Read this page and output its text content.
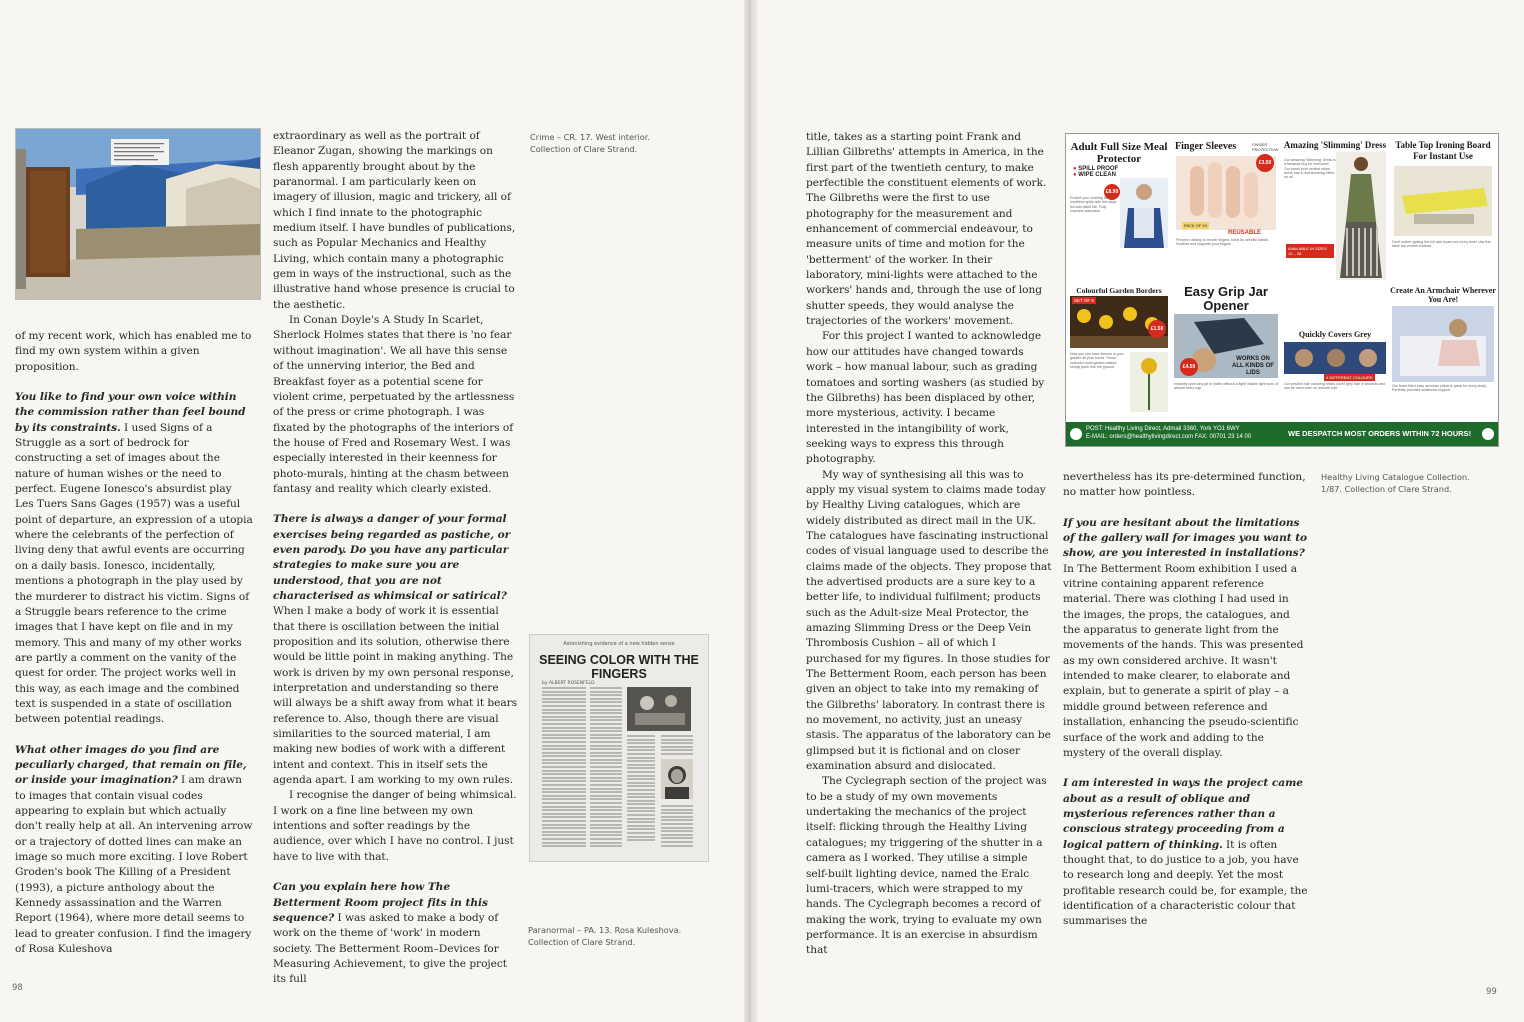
of my recent work, which has enabled me to find my own system within a given proposition.

You like to find your own voice within the commission rather than feel bound by its constraints. I used Signs of a Struggle as a sort of bedrock for constructing a set of images about the nature of human wishes or the need to perfect. Eugene Ionesco's absurdist play Les Tuers Sans Gages (1957) was a useful point of departure, an expression of a utopia where the celebrants of the perfection of living deny that awful events are occurring on a daily basis. Ionesco, incidentally, mentions a photograph in the play used by the murderer to distract his victim. Signs of a Struggle bears reference to the crime images that I have kept on file and in my memory. This and many of my other works are partly a comment on the vanity of the quest for order. The project works well in this way, as each image and the combined text is suspended in a state of oscillation between potential readings.

What other images do you find are peculiarly charged, that remain on file, or inside your imagination? I am drawn to images that contain visual codes appearing to explain but which actually don't really help at all. An intervening arrow or a trajectory of dotted lines can make an image so much more exciting. I love Robert Groden's book The Killing of a President (1993), a picture anthology about the Kennedy assassination and the Warren Report (1964), where more detail seems to lead to greater confusion. I find the imagery of Rosa Kuleshova

extraordinary as well as the portrait of Eleanor Zugan, showing the markings on flesh apparently brought about by the paranormal. I am particularly keen on imagery of illusion, magic and trickery, all of which I find innate to the photographic medium itself. I have bundles of publications, such as Popular Mechanics and Healthy Living, which contain many a photographic gem in ways of the instructional, such as the illustrative hand whose presence is crucial to the aesthetic.

In Conan Doyle's A Study In Scarlet, Sherlock Holmes states that there is 'no fear without imagination'. We all have this sense of the unnerving interior, the Bed and Breakfast foyer as a potential scene for violent crime, perpetuated by the artlessness of the press or crime photograph. I was fixated by the photographs of the interiors of the house of Fred and Rosemary West. I was especially interested in their keenness for photo-murals, hinting at the chasm between fantasy and reality which clearly existed.

There is always a danger of your formal exercises being regarded as pastiche, or even parody. Do you have any particular strategies to make sure you are understood, that you are not characterised as whimsical or satirical? When I make a body of work it is essential that there is oscillation between the initial proposition and its solution, otherwise there would be little point in making anything. The work is driven by my own personal response, interpretation and understanding so there will always be a shift away from what it bears reference to. Also, though there are visual similarities to the sourced material, I am making new bodies of work with a different intent and context. This in itself sets the agenda apart. I am working to my own rules.

I recognise the danger of being whimsical. I work on a fine line between my own intentions and softer readings by the audience, over which I have no control. I just have to live with that.

Can you explain here how The Betterment Room project fits in this sequence? I was asked to make a body of work on the theme of 'work' in modern society. The Betterment Room–Devices for Measuring Achievement, to give the project its full

Crime – CR. 17. West interior. Collection of Clare Strand.
Astonishing evidence of a new hidden sense
SEEING COLOR WITH THE FINGERS
by ALBERT ROSENFELD
Paranormal – PA. 13. Rosa Kuleshova. Collection of Clare Strand.
98

title, takes as a starting point Frank and Lillian Gilbreths' attempts in America, in the first part of the twentieth century, to make perfectible the constituent elements of work. The Gilbreths were the first to use photography for the measurement and enhancement of commercial endeavour, to measure units of time and motion for the 'betterment' of the worker. In their laboratory, mini-lights were attached to the workers' hands and, through the use of long shutter speeds, they would analyse the trajectories of the workers' movement.

For this project I wanted to acknowledge how our attitudes have changed towards work – how manual labour, such as grading tomatoes and sorting washers (as studied by the Gilbreths) has been displaced by other, more mysterious, activity. I became interested in the intangibility of work, seeking ways to express this through photography.

My way of synthesising all this was to apply my visual system to claims made today by Healthy Living catalogues, which are widely distributed as direct mail in the UK. The catalogues have fascinating instructional codes of visual language used to describe the claims made of the objects. They propose that the advertised products are a sure key to a better life, to individual fulfilment; products such as the Adult-size Meal Protector, the amazing Slimming Dress or the Deep Vein Thrombosis Cushion – all of which I purchased for my figures. In those studies for The Betterment Room, each person has been given an object to take into my remaking of the Gilbreths' laboratory. In contrast there is no movement, no activity, just an uneasy stasis. The apparatus of the laboratory can be glimpsed but it is fictional and on closer examination absurd and dislocated.

The Cyclegraph section of the project was to be a study of my own movements undertaking the mechanics of the project itself: flicking through the Healthy Living catalogues; my triggering of the shutter in a camera as I worked. They utilise a simple self-built lighting device, named the Eralc lumi-tracers, which were strapped to my hands. The Cyclegraph becomes a record of making the work, trying to evaluate my own performance. It is an exercise in absurdism that

nevertheless has its pre-determined function, no matter how pointless.

If you are hesitant about the limitations of the gallery wall for images you want to show, are you interested in installations? In The Betterment Room exhibition I used a vitrine containing apparent reference material. There was clothing I had used in the images, the props, the catalogues, and the apparatus to generate light from the movements of the hands. This was presented as my own considered archive. It wasn't intended to make clearer, to elaborate and explain, but to generate a spirit of play – a middle ground between reference and installation, enhancing the pseudo-scientific surface of the work and adding to the mystery of the overall display.

I am interested in ways the project came about as a result of oblique and mysterious references rather than a conscious strategy proceeding from a logical pattern of thinking. It is often thought that, to do justice to a job, you have to research long and deeply. Yet the most profitable research could be, for example, the identification of a characteristic colour that summarises the

Healthy Living Catalogue Collection. 1/87. Collection of Clare Strand.
99
Adult Full Size Meal Protector
● SPILL PROOF
● WIPE CLEAN
£8.99
Protect your clothing from mealtime spills with this large full-size adult bib. Fully machine washable.
Finger Sleeves	FINGER PROTECTION
£3.50
PACK OF 10
REUSABLE
Prevent rubbing on tender fingers. Ideal for arthritic hands. Soothes and supports your fingers.
Amazing 'Slimming' Dress
AVAILABLE IN SIZES 12 – 28
Our amazing 'Slimming' Dress is a fantastic buy for everyone! Our panel print vertical stripe dress has a real slimming effect on all.
Table Top Ironing Board For Instant Use
Don't bother getting the full size board out every time! Use this table top version instead.
Colourful Garden Borders
SET OF 6
£1.50
Now you can have flowers in your garden all year round. These colourful 'solid garden stakes' simply push into the ground.
Easy Grip Jar Opener
£4.50
WORKS ON ALL KINDS OF LIDS
Instantly open any jar or bottle without a fight! Makes light work of almost every cap.
Quickly Covers Grey
4 DIFFERENT COLOURS
Our pristine hair colouring sticks cover grey hair in seconds and can be used even on smooth hair.
Create An Armchair Wherever You Are!
Our foam-filled easy armchair pillow is great for every-body. Perfectly provides additional support.
POST: Healthy Living Direct, Admail 3360, York YO1 6WY
E-MAIL: orders@healthylivingdirect.com FAX: 00701 23 14 00	WE DESPATCH MOST ORDERS WITHIN 72 HOURS!
